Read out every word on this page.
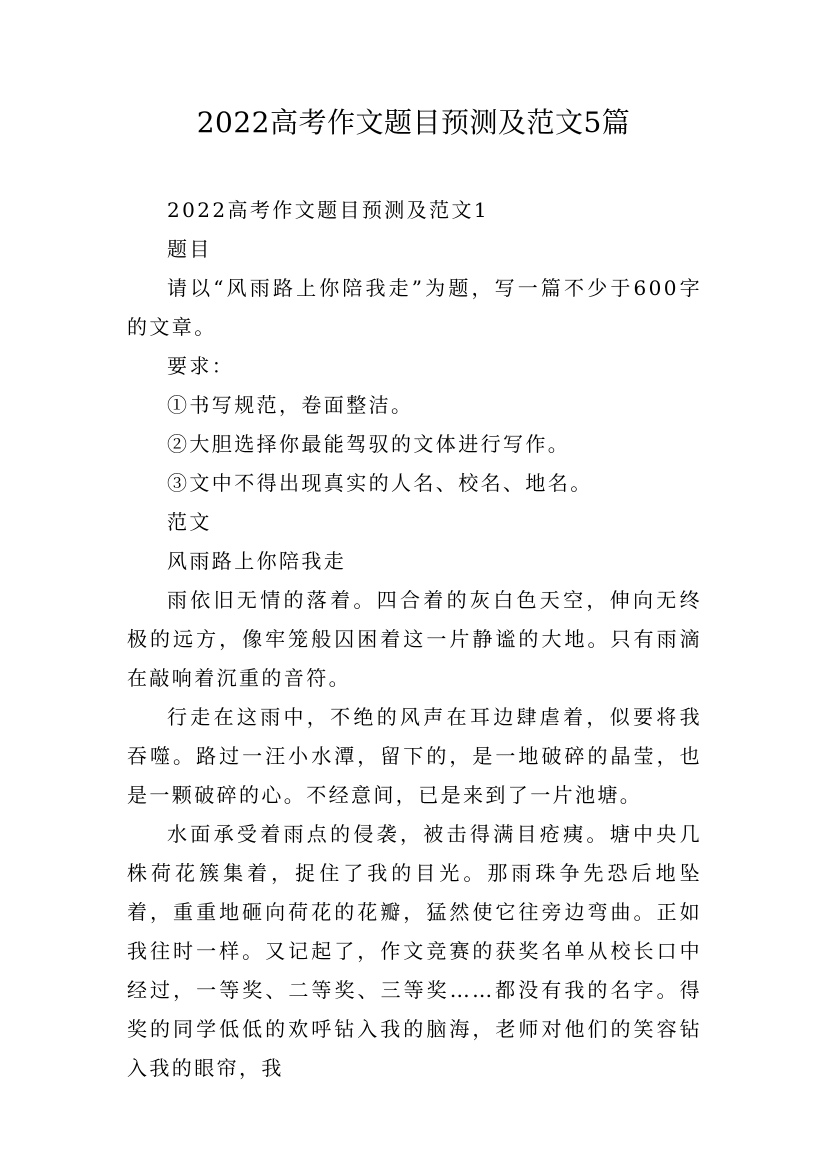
2022高考作文题目预测及范文5篇

2022高考作文题目预测及范文1

题目

请以“风雨路上你陪我走”为题，写一篇不少于600字的文章。

要求：

①书写规范，卷面整洁。

②大胆选择你最能驾驭的文体进行写作。

③文中不得出现真实的人名、校名、地名。

范文

风雨路上你陪我走

雨依旧无情的落着。四合着的灰白色天空，伸向无终极的远方，像牢笼般囚困着这一片静谧的大地。只有雨滴在敲响着沉重的音符。

行走在这雨中，不绝的风声在耳边肆虐着，似要将我吞噬。路过一汪小水潭，留下的，是一地破碎的晶莹，也是一颗破碎的心。不经意间，已是来到了一片池塘。

水面承受着雨点的侵袭，被击得满目疮痍。塘中央几株荷花簇集着，捉住了我的目光。那雨珠争先恐后地坠着，重重地砸向荷花的花瓣，猛然使它往旁边弯曲。正如我往时一样。又记起了，作文竞赛的获奖名单从校长口中经过，一等奖、二等奖、三等奖……都没有我的名字。得奖的同学低低的欢呼钻入我的脑海，老师对他们的笑容钻入我的眼帘，我
